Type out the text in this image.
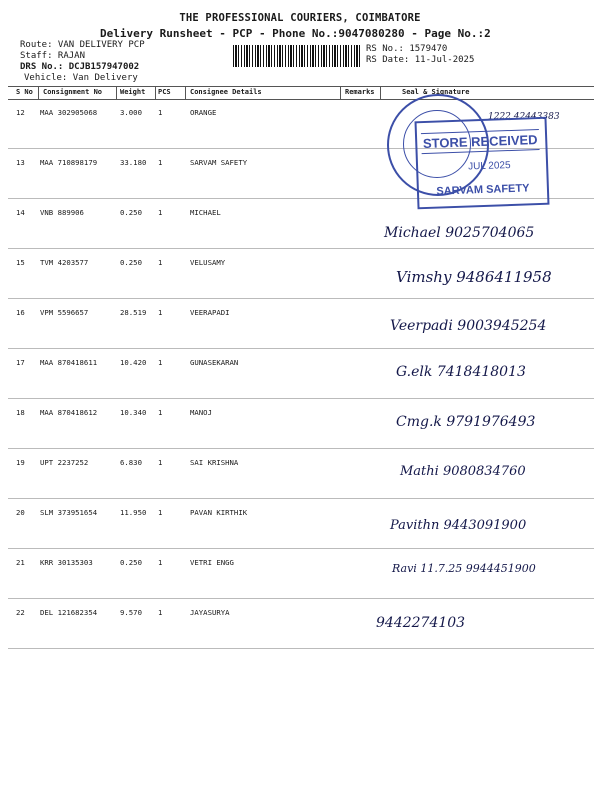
THE PROFESSIONAL COURIERS, COIMBATORE
Delivery Runsheet - PCP - Phone No.:9047080280 - Page No.:2
Route: VAN DELIVERY PCP
Staff: RAJAN
DRS No.: DCJB157947002
Vehicle: Van Delivery
RS No.: 1579470
RS Date: 11-Jul-2025
S No Consignment No	Weight PCS	Consignee Details	Remarks	Seal & Signature
12 MAA 302905068	3.000 1	ORANGE	1222 42443383
13 MAA 710898179	33.180 1	SARVAM SAFETY
14 VNB 889906	0.250 1	MICHAEL
Michael 9025704065
15 TVM 4203577	0.250 1	VELUSAMY
Vimshy 9486411958
16 VPM 5596657	28.519 1	VEERAPADI
Veerpadi 9003945254
17 MAA 870418611	10.420 1	GUNASEKARAN
G.elk 7418418013
18 MAA 870418612	10.340 1	MANOJ
Cmg.k 9791976493
19 UPT 2237252	6.830 1	SAI KRISHNA
Mathi 9080834760
20 SLM 373951654	11.950 1	PAVAN KIRTHIK
Pavithn 9443091900
21 KRR 30135303	0.250 1	VETRI ENGG	Ravi 11.7.25 9944451900
22 DEL 121682354	9.570 1	JAYASURYA
9442274103
STORE RECEIVED
JUL 2025
SARVAM SAFETY
